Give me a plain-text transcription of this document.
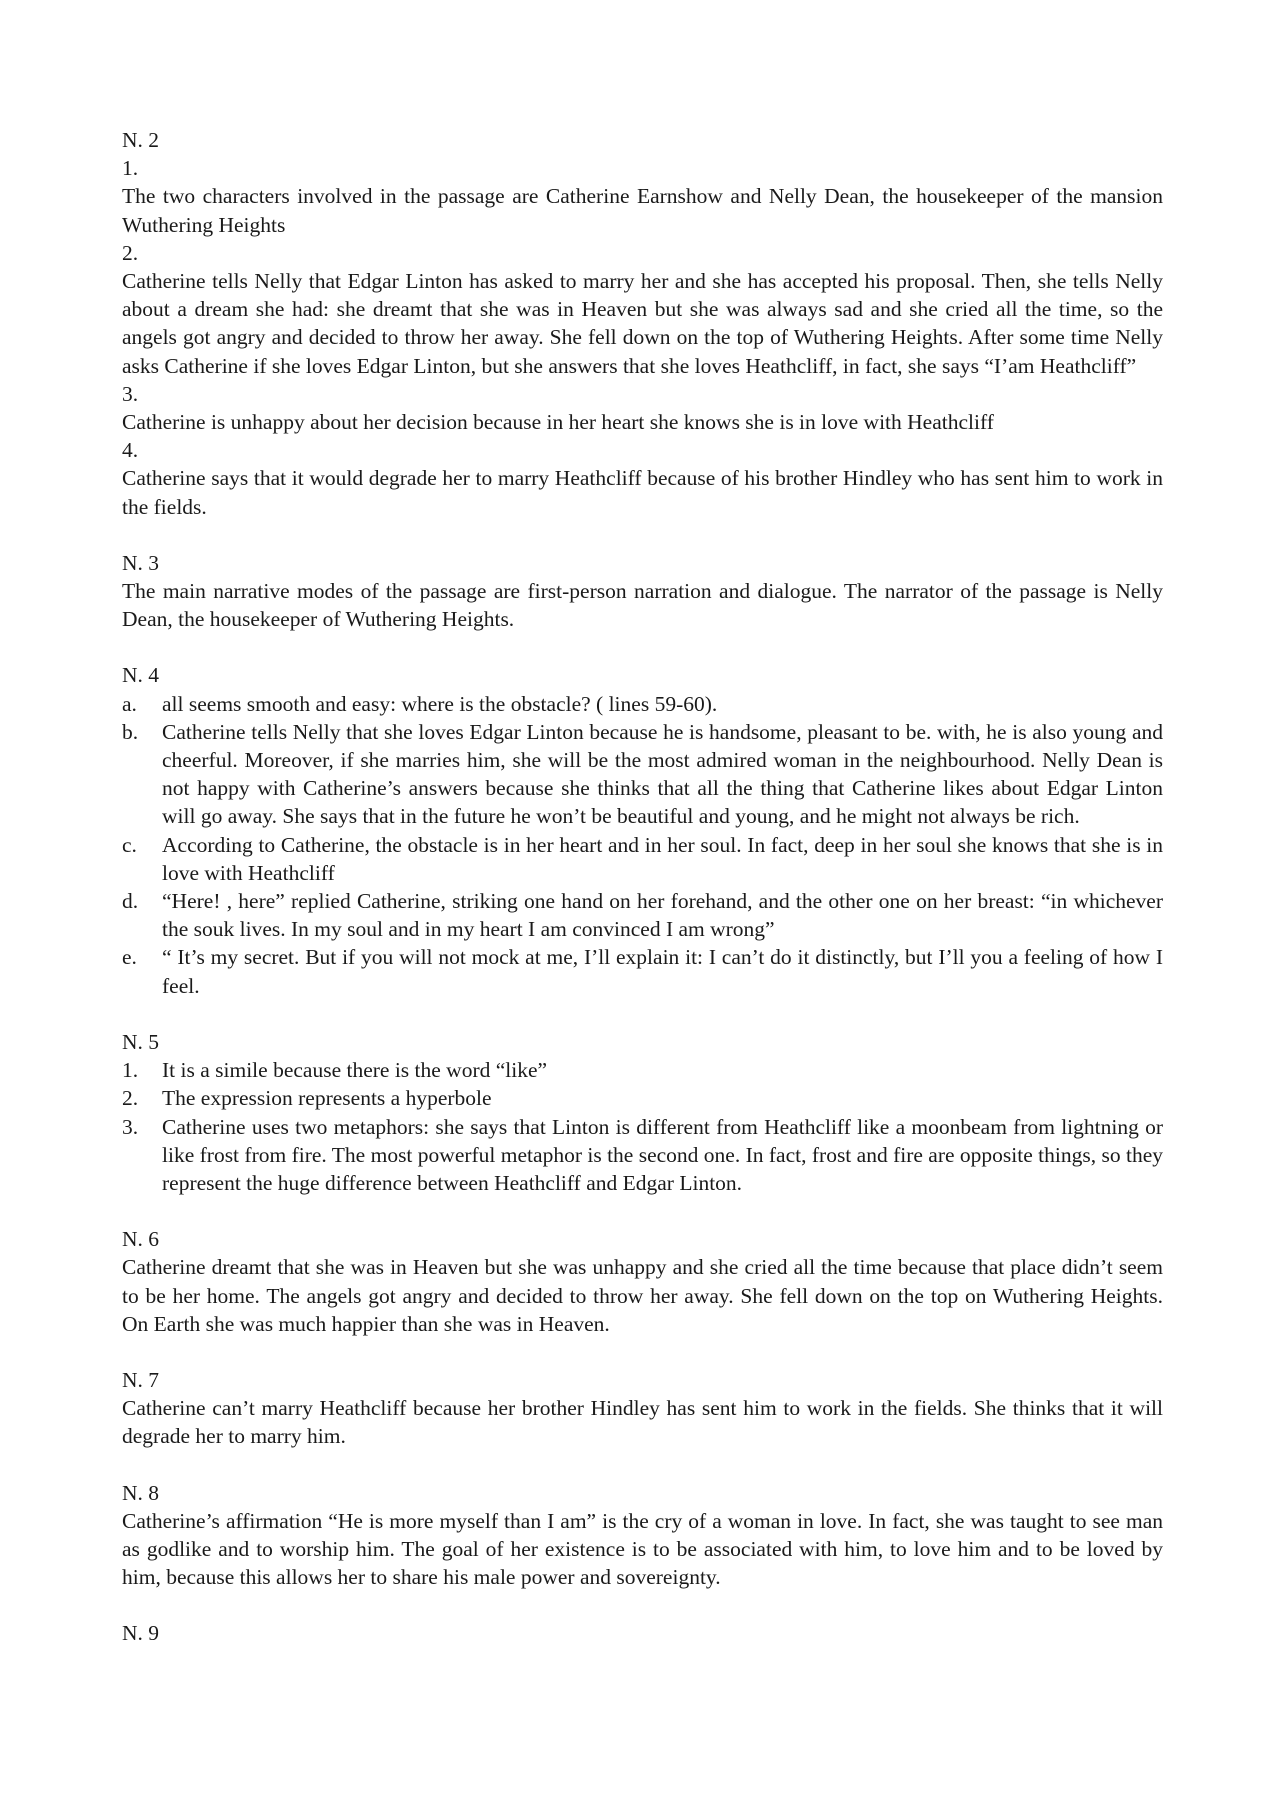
N. 2
1.

The two characters involved in the passage are Catherine Earnshow and Nelly Dean, the housekeeper of the mansion Wuthering Heights

2.

Catherine tells Nelly that Edgar Linton has asked to marry her and she has accepted his proposal. Then, she tells Nelly about a dream she had: she dreamt that she was in Heaven but she was always sad and she cried all the time, so the angels got angry and decided to throw her away. She fell down on the top of Wuthering Heights. After some time Nelly asks Catherine if she loves Edgar Linton, but she answers that she loves Heathcliff, in fact, she says “I’am Heathcliff”

3.

Catherine is unhappy about her decision because in her heart she knows she is in love with Heathcliff

4.

Catherine says that it would degrade her to marry Heathcliff because of his brother Hindley who has sent him to work in the fields.

N. 3

The main narrative modes of the passage are first-person narration and dialogue. The narrator of the passage is Nelly Dean, the housekeeper of Wuthering Heights.

N. 4
a. all seems smooth and easy: where is the obstacle? ( lines 59-60).
b. Catherine tells Nelly that she loves Edgar Linton because he is handsome, pleasant to be. with, he is also young and cheerful. Moreover, if she marries him, she will be the most admired woman in the neighbourhood. Nelly Dean is not happy with Catherine’s answers because she thinks that all the thing that Catherine likes about Edgar Linton will go away. She says that in the future he won’t be beautiful and young, and he might not always be rich.
c. According to Catherine, the obstacle is in her heart and in her soul. In fact, deep in her soul she knows that she is in love with Heathcliff
d. “Here! , here” replied Catherine, striking one hand on her forehand, and the other one on her breast: “in whichever the souk lives. In my soul and in my heart I am convinced I am wrong”
e. “ It’s my secret. But if you will not mock at me, I’ll explain it: I can’t do it distinctly, but I’ll you a feeling of how I feel.
N. 5
1. It is a simile because there is the word “like”
2. The expression represents a hyperbole
3. Catherine uses two metaphors: she says that Linton is different from Heathcliff like a moonbeam from lightning or like frost from fire. The most powerful metaphor is the second one. In fact, frost and fire are opposite things, so they represent the huge difference between Heathcliff and Edgar Linton.
N. 6

Catherine dreamt that she was in Heaven but she was unhappy and she cried all the time because that place didn’t seem to be her home. The angels got angry and decided to throw her away. She fell down on the top on Wuthering Heights. On Earth she was much happier than she was in Heaven.

N. 7

Catherine can’t marry Heathcliff because her brother Hindley has sent him to work in the fields. She thinks that it will degrade her to marry him.

N. 8

Catherine’s affirmation “He is more myself than I am” is the cry of a woman in love. In fact, she was taught to see man as godlike and to worship him. The goal of her existence is to be associated with him, to love him and to be loved by him, because this allows her to share his male power and sovereignty.

N. 9
